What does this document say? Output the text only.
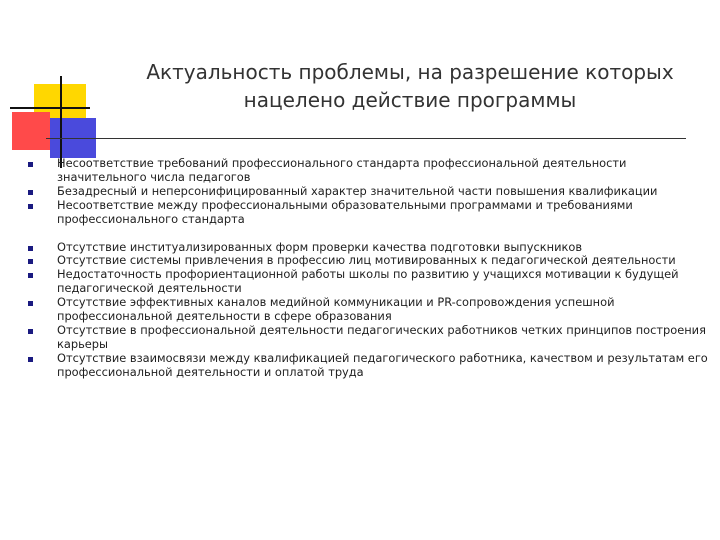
Актуальность проблемы, на разрешение которых
нацелено действие программы
Несоответствие требований профессионального стандарта профессиональной деятельности значительного числа педагогов
Безадресный и неперсонифицированный характер значительной части повышения квалификации
Несоответствие между профессиональными образовательными программами и требованиями профессионального стандарта
Отсутствие институализированных форм проверки качества подготовки выпускников
Отсутствие системы привлечения в профессию лиц мотивированных к педагогической деятельности
Недостаточность профориентационной работы школы по развитию у учащихся мотивации к будущей педагогической деятельности
Отсутствие эффективных каналов медийной коммуникации и PR-сопровождения успешной профессиональной деятельности в сфере образования
Отсутствие в профессиональной деятельности педагогических работников четких принципов построения карьеры
Отсутствие взаимосвязи между квалификацией педагогического работника, качеством и результатам его профессиональной деятельности и оплатой труда
